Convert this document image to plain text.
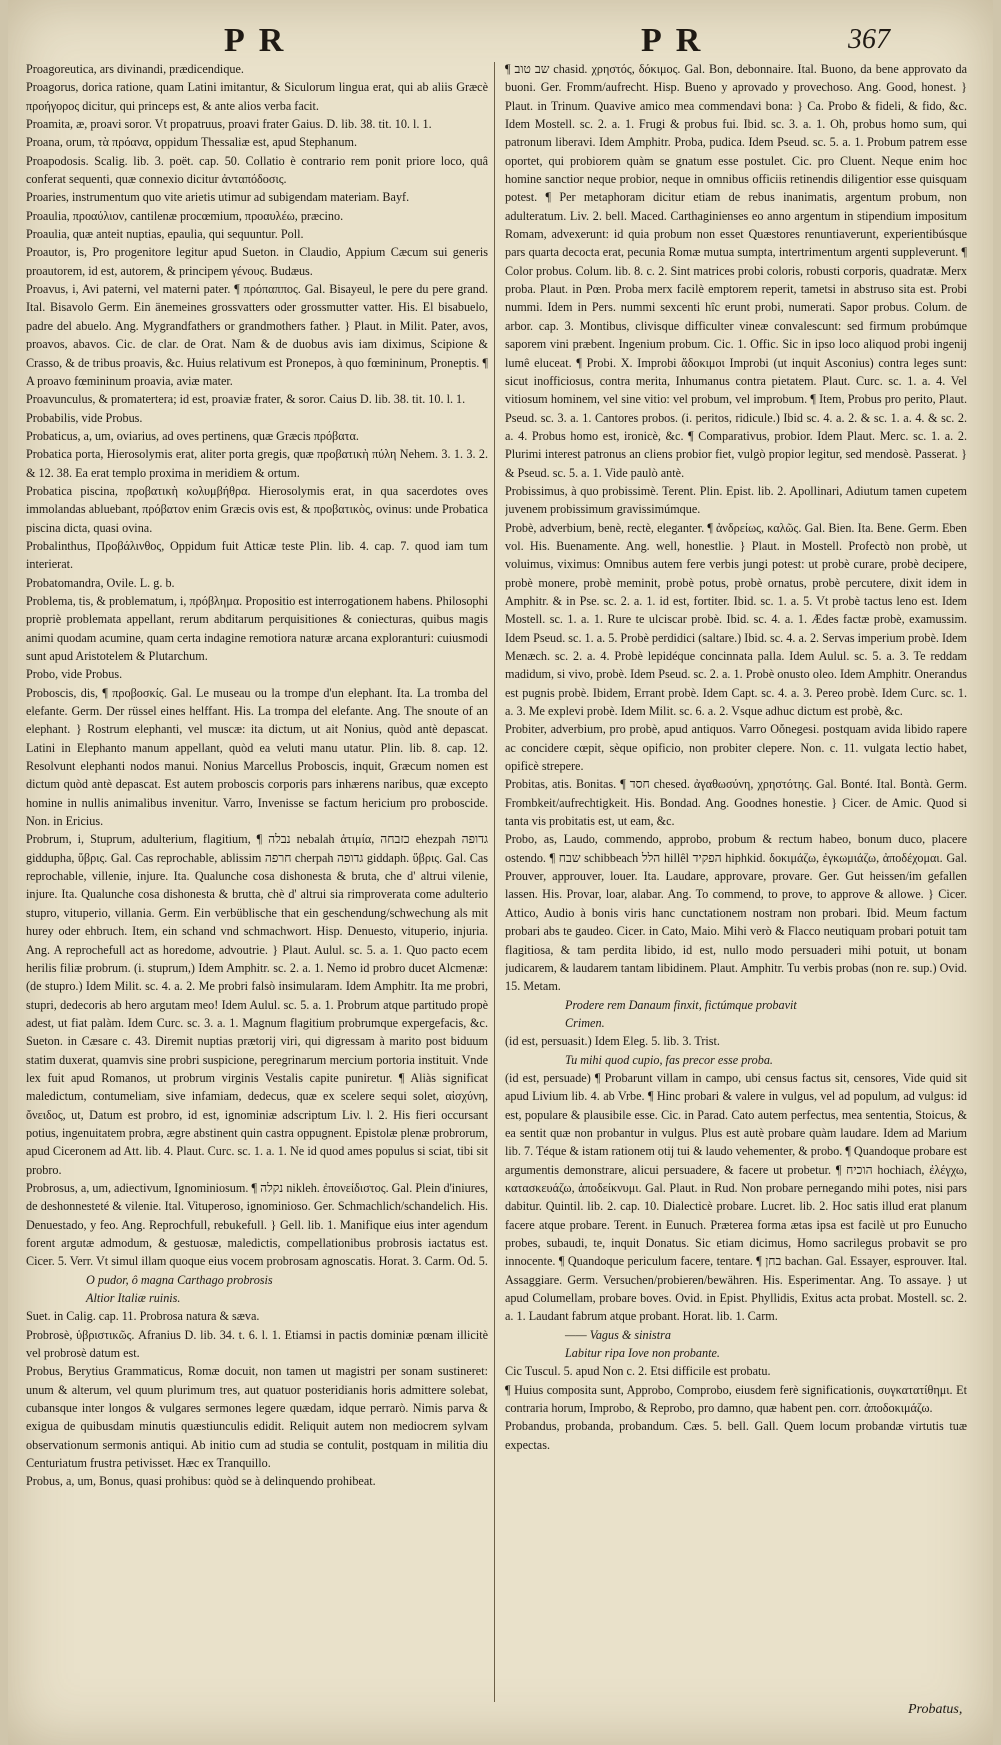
PR	PR	367

Proagoreutica, ars divinandi, prædicendique.

Proagorus, dorica ratione, quam Latini imitantur, & Siculorum lingua erat, qui ab aliis Græcè προήγορος dicitur, qui princeps est, & ante alios verba facit.

Proamita, æ, proavi soror. Vt propatruus, proavi frater Gaius. D. lib. 38. tit. 10. l. 1.

Proana, orum, τὰ πρόανα, oppidum Thessaliæ est, apud Stephanum.

Proapodosis. Scalig. lib. 3. poët. cap. 50. Collatio è contrario rem ponit priore loco, quâ conferat sequenti, quæ connexio dicitur ἀνταπόδοσις.

Proaries, instrumentum quo vite arietis utimur ad subigendam materiam. Bayf.

Proaulia, προαύλιον, cantilenæ procœmium, προαυλέω, præcino.

Proaulia, quæ anteit nuptias, epaulia, qui sequuntur. Poll.

Proautor, is, Pro progenitore legitur apud Sueton. in Claudio, Appium Cæcum sui generis proautorem, id est, autorem, & principem γένους. Budæus.

Proavus, i, Avi paterni, vel materni pater. ¶ πρόπαππος. Gal. Bisayeul, le pere du pere grand. Ital. Bisavolo Germ. Ein änemeines grossvatters oder grossmutter vatter. His. El bisabuelo, padre del abuelo. Ang. Mygrandfathers or grandmothers father. } Plaut. in Milit. Pater, avos, proavos, abavos. Cic. de clar. de Orat. Nam & de duobus avis iam diximus, Scipione & Crasso, & de tribus proavis, &c. Huius relativum est Pronepos, à quo fœmininum, Proneptis. ¶ A proavo fœmininum proavia, aviæ mater.

Proavunculus, & promatertera; id est, proaviæ frater, & soror. Caius D. lib. 38. tit. 10. l. 1.

Probabilis, vide Probus.

Probaticus, a, um, oviarius, ad oves pertinens, quæ Græcis πρόβατα.

Probatica porta, Hierosolymis erat, aliter porta gregis, quæ προβατικὴ πύλη Nehem. 3. 1. 3. 2. & 12. 38. Ea erat templo proxima in meridiem & ortum.

Probatica piscina, προβατικὴ κολυμβήθρα. Hierosolymis erat, in qua sacerdotes oves immolandas abluebant, πρόβατον enim Græcis ovis est, & προβατικὸς, ovinus: unde Probatica piscina dicta, quasi ovina.

Probalinthus, Προβάλινθος, Oppidum fuit Atticæ teste Plin. lib. 4. cap. 7. quod iam tum interierat.

Probatomandra, Ovile. L. g. b.

Problema, tis, & problematum, i, πρόβλημα. Propositio est interrogationem habens. Philosophi propriè problemata appellant, rerum abditarum perquisitiones & coniecturas, quibus magis animi quodam acumine, quam certa indagine remotiora naturæ arcana exploranturi: cuiusmodi sunt apud Aristotelem & Plutarchum.

Probo, vide Probus.

Proboscis, dis, ¶ προβοσκίς. Gal. Le museau ou la trompe d'un elephant. Ita. La tromba del elefante. Germ. Der rüssel eines helffant. His. La trompa del elefante. Ang. The snoute of an elephant. } Rostrum elephanti, vel muscæ: ita dictum, ut ait Nonius, quòd antè depascat. Latini in Elephanto manum appellant, quòd ea veluti manu utatur. Plin. lib. 8. cap. 12. Resolvunt elephanti nodos manui. Nonius Marcellus Proboscis, inquit, Græcum nomen est dictum quòd antè depascat. Est autem proboscis corporis pars inhærens naribus, quæ excepto homine in nullis animalibus invenitur. Varro, Invenisse se factum hericium pro proboscide. Non. in Ericius.

Probrum, i, Stuprum, adulterium, flagitium, ¶ נבלה nebalah ἀτιμία, כזבחה ehezpah גדופה giddupha, ὕβρις. Gal. Cas reprochable, ablissim חרפה cherpah גדופה giddaph. ὕβρις. Gal. Cas reprochable, villenie, injure. Ita. Qualunche cosa dishonesta & bruta, che d' altrui vilenie, injure. Ita. Qualunche cosa dishonesta & brutta, chè d' altrui sia rimproverata come adulterio stupro, vituperio, villania. Germ. Ein verbüblische that ein geschendung/schwechung als mit hurey oder ehbruch. Item, ein schand vnd schmachwort. Hisp. Denuesto, vituperio, injuria. Ang. A reprochefull act as horedome, advoutrie. } Plaut. Aulul. sc. 5. a. 1. Quo pacto ecem herilis filiæ probrum. (i. stuprum,) Idem Amphitr. sc. 2. a. 1. Nemo id probro ducet Alcmenæ: (de stupro.) Idem Milit. sc. 4. a. 2. Me probri falsò insimularam. Idem Amphitr. Ita me probri, stupri, dedecoris ab hero argutam meo! Idem Aulul. sc. 5. a. 1. Probrum atque partitudo propè adest, ut fiat palàm. Idem Curc. sc. 3. a. 1. Magnum flagitium probrumque expergefacis, &c. Sueton. in Cæsare c. 43. Diremit nuptias prætorij viri, qui digressam à marito post biduum statim duxerat, quamvis sine probri suspicione, peregrinarum mercium portoria instituit. Vnde lex fuit apud Romanos, ut probrum virginis Vestalis capite puniretur. ¶ Aliàs significat maledictum, contumeliam, sive infamiam, dedecus, quæ ex scelere sequi solet, αἰσχύνη, ὄνειδος, ut, Datum est probro, id est, ignominiæ adscriptum Liv. l. 2. His fieri occursant potius, ingenuitatem probra, ægre abstinent quin castra oppugnent. Epistolæ plenæ probrorum, apud Ciceronem ad Att. lib. 4. Plaut. Curc. sc. 1. a. 1. Ne id quod ames populus si sciat, tibi sit probro.

Probrosus, a, um, adiectivum, Ignominiosum. ¶ נקלה nikleh. ἐπονείδιστος. Gal. Plein d'iniures, de deshonnesteté & vilenie. Ital. Vituperoso, ignominioso. Ger. Schmachlich/schandelich. His. Denuestado, y feo. Ang. Reprochfull, rebukefull. } Gell. lib. 1. Manifique eius inter agendum forent argutæ admodum, & gestuosæ, maledictis, compellationibus probrosis iactatus est. Cicer. 5. Verr. Vt simul illam quoque eius vocem probrosam agnoscatis. Horat. 3. Carm. Od. 5.

O pudor, ô magna Carthago probrosis

Altior Italiæ ruinis.

Suet. in Calig. cap. 11. Probrosa natura & sæva.

Probrosè, ὑβριστικῶς. Afranius D. lib. 34. t. 6. l. 1. Etiamsi in pactis dominiæ pœnam illicitè vel probrosè datum est.

Probus, Berytius Grammaticus, Romæ docuit, non tamen ut magistri per sonam sustineret: unum & alterum, vel quum plurimum tres, aut quatuor posteridianis horis admittere solebat, cubansque inter longos & vulgares sermones legere quædam, idque perrarò. Nimis parva & exigua de quibusdam minutis quæstiunculis edidit. Reliquit autem non mediocrem sylvam observationum sermonis antiqui. Ab initio cum ad studia se contulit, postquam in militia diu Centuriatum frustra petivisset. Hæc ex Tranquillo.

Probus, a, um, Bonus, quasi prohibus: quòd se à delinquendo prohibeat.

¶ שב טוב chasid. χρηστός, δόκιμος. Gal. Bon, debonnaire. Ital. Buono, da bene approvato da buoni. Ger. Fromm/aufrecht. Hisp. Bueno y aprovado y provechoso. Ang. Good, honest. } Plaut. in Trinum. Quavive amico mea commendavi bona: } Ca. Probo & fideli, & fido, &c. Idem Mostell. sc. 2. a. 1. Frugi & probus fui. Ibid. sc. 3. a. 1. Oh, probus homo sum, qui patronum liberavi. Idem Amphitr. Proba, pudica. Idem Pseud. sc. 5. a. 1. Probum patrem esse oportet, qui probiorem quàm se gnatum esse postulet. Cic. pro Cluent. Neque enim hoc homine sanctior neque probior, neque in omnibus officiis retinendis diligentior esse quisquam potest. ¶ Per metaphoram dicitur etiam de rebus inanimatis, argentum probum, non adulteratum. Liv. 2. bell. Maced. Carthaginienses eo anno argentum in stipendium impositum Romam, advexerunt: id quia probum non esset Quæstores renuntiaverunt, experientibúsque pars quarta decocta erat, pecunia Romæ mutua sumpta, intertrimentum argenti suppleverunt. ¶ Color probus. Colum. lib. 8. c. 2. Sint matrices probi coloris, robusti corporis, quadratæ. Merx proba. Plaut. in Pœn. Proba merx facilè emptorem reperit, tametsi in abstruso sita est. Probi nummi. Idem in Pers. nummi sexcenti hîc erunt probi, numerati. Sapor probus. Colum. de arbor. cap. 3. Montibus, clivisque difficulter vineæ convalescunt: sed firmum probúmque saporem vini præbent. Ingenium probum. Cic. 1. Offic. Sic in ipso loco aliquod probi ingenij lumê eluceat. ¶ Probi. X. Improbi ἄδοκιμοι Improbi (ut inquit Asconius) contra leges sunt: sicut inofficiosus, contra merita, Inhumanus contra pietatem. Plaut. Curc. sc. 1. a. 4. Vel vitiosum hominem, vel sine vitio: vel probum, vel improbum. ¶ Item, Probus pro perito, Plaut. Pseud. sc. 3. a. 1. Cantores probos. (i. peritos, ridicule.) Ibid sc. 4. a. 2. & sc. 1. a. 4. & sc. 2. a. 4. Probus homo est, ironicè, &c. ¶ Comparativus, probior. Idem Plaut. Merc. sc. 1. a. 2. Plurimi interest patronus an cliens probior fiet, vulgò propior legitur, sed mendosè. Passerat. } & Pseud. sc. 5. a. 1. Vide paulò antè.

Probissimus, à quo probissimè. Terent. Plin. Epist. lib. 2. Apollinari, Adiutum tamen cupetem juvenem probissimum gravissimúmque.

Probè, adverbium, benè, rectè, eleganter. ¶ ἀνδρείως, καλῶς. Gal. Bien. Ita. Bene. Germ. Eben vol. His. Buenamente. Ang. well, honestlie. } Plaut. in Mostell. Profectò non probè, ut voluimus, viximus: Omnibus autem fere verbis jungi potest: ut probè curare, probè decipere, probè monere, probè meminit, probè potus, probè ornatus, probè percutere, dixit idem in Amphitr. & in Pse. sc. 2. a. 1. id est, fortiter. Ibid. sc. 1. a. 5. Vt probè tactus leno est. Idem Mostell. sc. 1. a. 1. Rure te ulciscar probè. Ibid. sc. 4. a. 1. Ædes factæ probè, examussim. Idem Pseud. sc. 1. a. 5. Probè perdidici (saltare.) Ibid. sc. 4. a. 2. Servas imperium probè. Idem Menæch. sc. 2. a. 4. Probè lepidéque concinnata palla. Idem Aulul. sc. 5. a. 3. Te reddam madidum, si vivo, probè. Idem Pseud. sc. 2. a. 1. Probè onusto oleo. Idem Amphitr. Onerandus est pugnis probè. Ibidem, Errant probè. Idem Capt. sc. 4. a. 3. Pereo probè. Idem Curc. sc. 1. a. 3. Me explevi probè. Idem Milit. sc. 6. a. 2. Vsque adhuc dictum est probè, &c.

Probiter, adverbium, pro probè, apud antiquos. Varro Oὄnegesi. postquam avida libido rapere ac concidere cœpit, sèque opificio, non probiter clepere. Non. c. 11. vulgata lectio habet, opificè strepere.

Probitas, atis. Bonitas. ¶ חסד chesed. ἀγαθωσύνη, χρηστότης. Gal. Bonté. Ital. Bontà. Germ. Frombkeit/aufrechtigkeit. His. Bondad. Ang. Goodnes honestie. } Cicer. de Amic. Quod si tanta vis probitatis est, ut eam, &c.

Probo, as, Laudo, commendo, approbo, probum & rectum habeo, bonum duco, placere ostendo. ¶ שבח schibbeach הלל hillêl הפקיד hiphkid. δοκιμάζω, ἐγκωμιάζω, ἀποδέχομαι. Gal. Prouver, approuver, louer. Ita. Laudare, approvare, provare. Ger. Gut heissen/im gefallen lassen. His. Provar, loar, alabar. Ang. To commend, to prove, to approve & allowe. } Cicer. Attico, Audio à bonis viris hanc cunctationem nostram non probari. Ibid. Meum factum probari abs te gaudeo. Cicer. in Cato, Maio. Mihi verò & Flacco neutiquam probari potuit tam flagitiosa, & tam perdita libido, id est, nullo modo persuaderi mihi potuit, ut bonam judicarem, & laudarem tantam libidinem. Plaut. Amphitr. Tu verbis probas (non re. sup.) Ovid. 15. Metam.

Prodere rem Danaum finxit, fictúmque probavit

Crimen.

(id est, persuasit.) Idem Eleg. 5. lib. 3. Trist.

Tu mihi quod cupio, fas precor esse proba.

(id est, persuade) ¶ Probarunt villam in campo, ubi census factus sit, censores, Vide quid sit apud Livium lib. 4. ab Vrbe. ¶ Hinc probari & valere in vulgus, vel ad populum, ad vulgus: id est, populare & plausibile esse. Cic. in Parad. Cato autem perfectus, mea sententia, Stoicus, & ea sentit quæ non probantur in vulgus. Plus est autè probare quàm laudare. Idem ad Marium lib. 7. Téque & istam rationem otij tui & laudo vehementer, & probo. ¶ Quandoque probare est argumentis demonstrare, alicui persuadere, & facere ut probetur. ¶ הוכיח hochiach, ἐλέγχω, κατασκευάζω, ἀποδείκνυμι. Gal. Plaut. in Rud. Non probare pernegando mihi potes, nisi pars dabitur. Quintil. lib. 2. cap. 10. Dialecticè probare. Lucret. lib. 2. Hoc satis illud erat planum facere atque probare. Terent. in Eunuch. Præterea forma ætas ipsa est facilè ut pro Eunucho probes, subaudi, te, inquit Donatus. Sic etiam dicimus, Homo sacrilegus probavit se pro innocente. ¶ Quandoque periculum facere, tentare. ¶ בחן bachan. Gal. Essayer, esprouver. Ital. Assaggiare. Germ. Versuchen/probieren/bewähren. His. Esperimentar. Ang. To assaye. } ut apud Columellam, probare boves. Ovid. in Epist. Phyllidis, Exitus acta probat. Mostell. sc. 2. a. 1. Laudant fabrum atque probant. Horat. lib. 1. Carm.

—— Vagus & sinistra

Labitur ripa Iove non probante.

Cic Tuscul. 5. apud Non c. 2. Etsi difficile est probatu.

¶ Huius composita sunt, Approbo, Comprobo, eiusdem ferè significationis, συγκατατίθημι. Et contraria horum, Improbo, & Reprobo, pro damno, quæ habent pen. corr. ἀποδοκιμάζω.

Probandus, probanda, probandum. Cæs. 5. bell. Gall. Quem locum probandæ virtutis tuæ expectas.

Probatus,
